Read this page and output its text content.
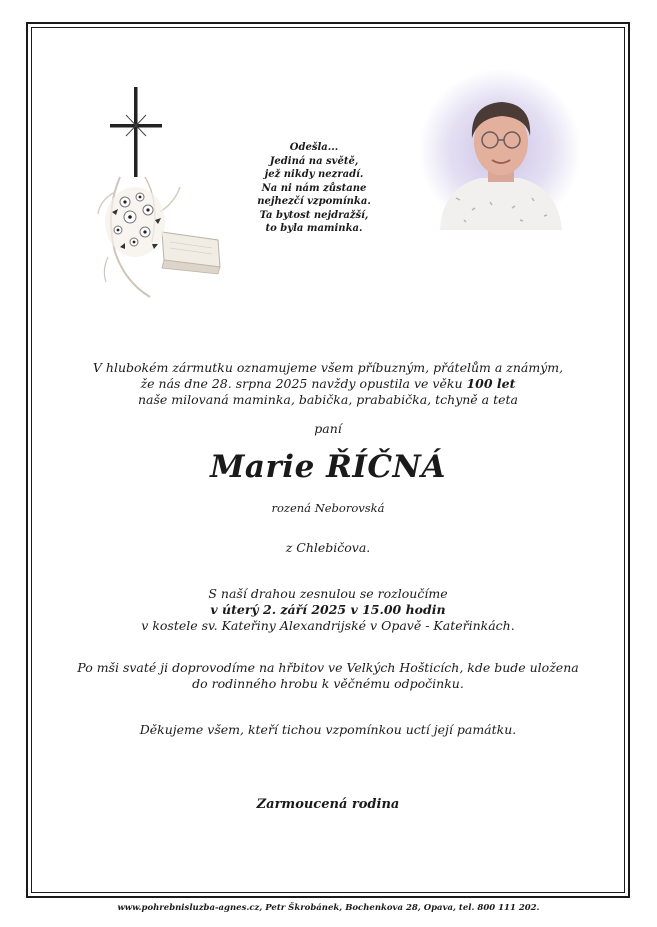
Odešla...
Jediná na světě,
jež nikdy nezradí.
Na ni nám zůstane
nejhezčí vzpomínka.
Ta bytost nejdražší,
to byla maminka.
V hlubokém zármutku oznamujeme všem příbuzným, přátelům a známým,
že nás dne 28. srpna 2025 navždy opustila ve věku 100 let
naše milovaná maminka, babička, prababička, tchyně a teta
paní
Marie ŘÍČNÁ
rozená Neborovská
z Chlebičova.
S naší drahou zesnulou se rozloučíme
v úterý 2. září 2025 v 15.00 hodin
v kostele sv. Kateřiny Alexandrijské v Opavě - Kateřinkách.
Po mši svaté ji doprovodíme na hřbitov ve Velkých Hošticích, kde bude uložena
do rodinného hrobu k věčnému odpočinku.
Děkujeme všem, kteří tichou vzpomínkou uctí její památku.
Zarmoucená rodina
www.pohrebnisluzba-agnes.cz, Petr Škrobánek, Bochenkova 28, Opava, tel. 800 111 202.
